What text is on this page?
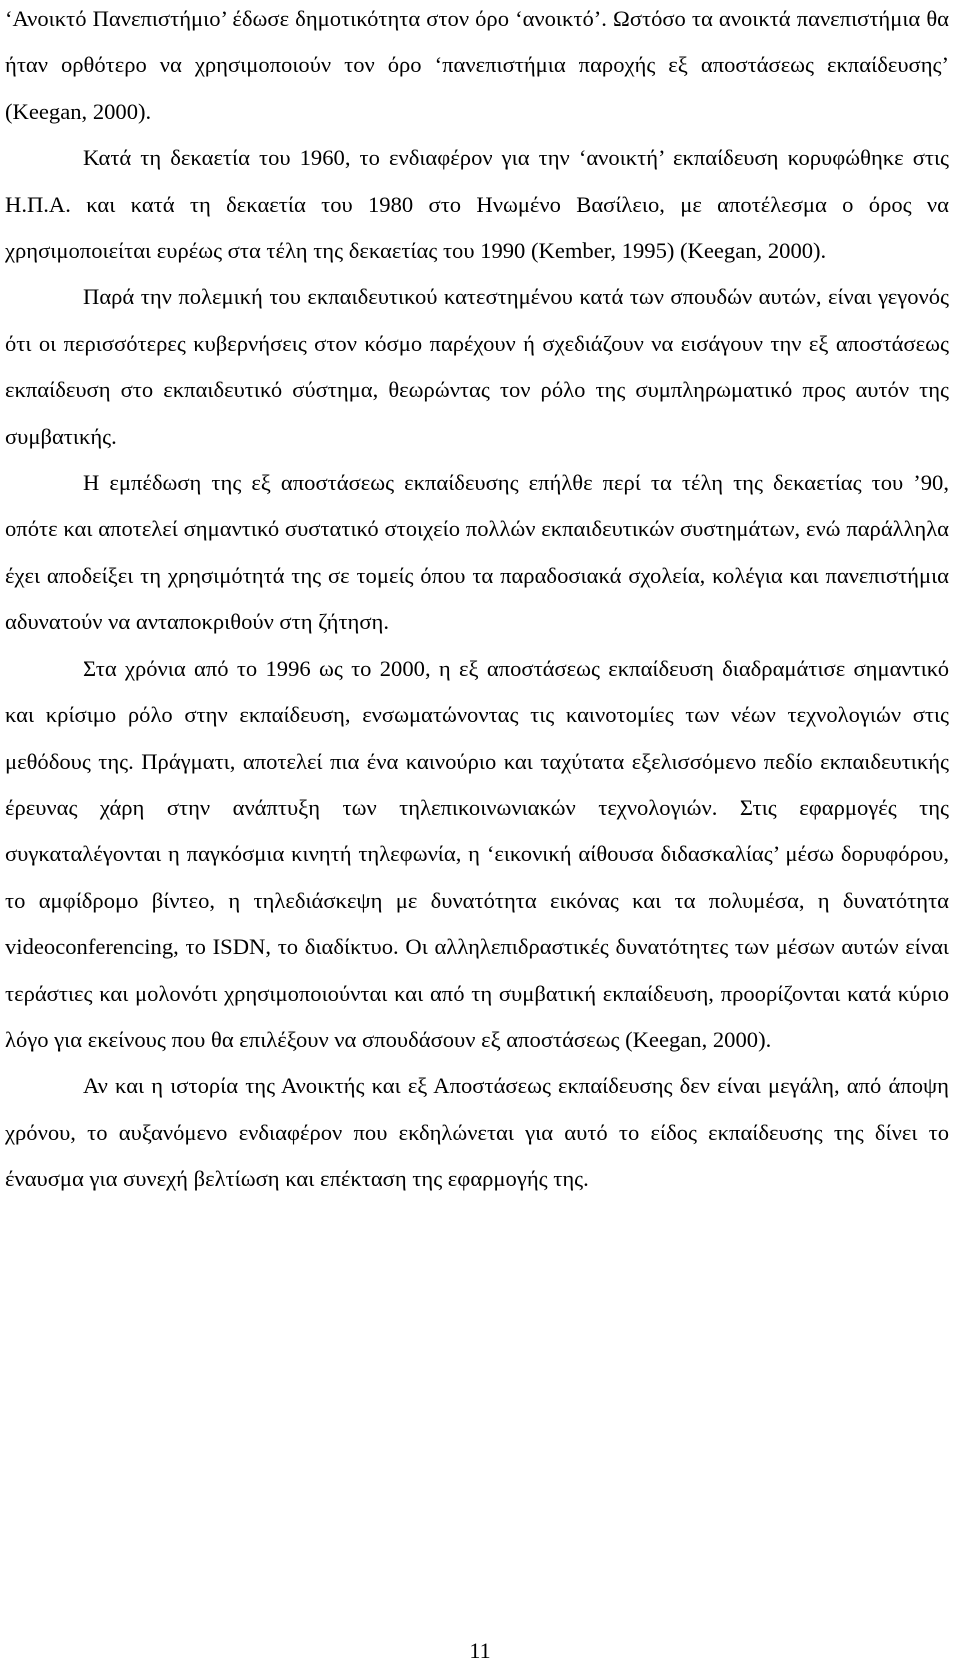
‘Ανοικτό Πανεπιστήμιο’ έδωσε δημοτικότητα στον όρο ‘ανοικτό’. Ωστόσο τα ανοικτά πανεπιστήμια θα ήταν ορθότερο να χρησιμοποιούν τον όρο ‘πανεπιστήμια παροχής εξ αποστάσεως εκπαίδευσης’ (Keegan, 2000).

Κατά τη δεκαετία του 1960, το ενδιαφέρον για την ‘ανοικτή’ εκπαίδευση κορυφώθηκε στις Η.Π.Α. και κατά τη δεκαετία του 1980 στο Ηνωμένο Βασίλειο, με αποτέλεσμα ο όρος να χρησιμοποιείται ευρέως στα τέλη της δεκαετίας του 1990 (Kember, 1995) (Keegan, 2000).

Παρά την πολεμική του εκπαιδευτικού κατεστημένου κατά των σπουδών αυτών, είναι γεγονός ότι οι περισσότερες κυβερνήσεις στον κόσμο παρέχουν ή σχεδιάζουν να εισάγουν την εξ αποστάσεως εκπαίδευση στο εκπαιδευτικό σύστημα, θεωρώντας τον ρόλο της συμπληρωματικό προς αυτόν της συμβατικής.

Η εμπέδωση της εξ αποστάσεως εκπαίδευσης επήλθε περί τα τέλη της δεκαετίας του ’90, οπότε και αποτελεί σημαντικό συστατικό στοιχείο πολλών εκπαιδευτικών συστημάτων, ενώ παράλληλα έχει αποδείξει τη χρησιμότητά της σε τομείς όπου τα παραδοσιακά σχολεία, κολέγια και πανεπιστήμια αδυνατούν να ανταποκριθούν στη ζήτηση.

Στα χρόνια από το 1996 ως το 2000, η εξ αποστάσεως εκπαίδευση διαδραμάτισε σημαντικό και κρίσιμο ρόλο στην εκπαίδευση, ενσωματώνοντας τις καινοτομίες των νέων τεχνολογιών στις μεθόδους της. Πράγματι, αποτελεί πια ένα καινούριο και ταχύτατα εξελισσόμενο πεδίο εκπαιδευτικής έρευνας χάρη στην ανάπτυξη των τηλεπικοινωνιακών τεχνολογιών. Στις εφαρμογές της συγκαταλέγονται η παγκόσμια κινητή τηλεφωνία, η ‘εικονική αίθουσα διδασκαλίας’ μέσω δορυφόρου, το αμφίδρομο βίντεο, η τηλεδιάσκεψη με δυνατότητα εικόνας και τα πολυμέσα, η δυνατότητα videoconferencing, το ISDN, το διαδίκτυο. Οι αλληλεπιδραστικές δυνατότητες των μέσων αυτών είναι τεράστιες και μολονότι χρησιμοποιούνται και από τη συμβατική εκπαίδευση, προορίζονται κατά κύριο λόγο για εκείνους που θα επιλέξουν να σπουδάσουν εξ αποστάσεως (Keegan, 2000).

Αν και η ιστορία της Ανοικτής και εξ Αποστάσεως εκπαίδευσης δεν είναι μεγάλη, από άποψη χρόνου, το αυξανόμενο ενδιαφέρον που εκδηλώνεται για αυτό το είδος εκπαίδευσης της δίνει το έναυσμα για συνεχή βελτίωση και επέκταση της εφαρμογής της.

11
